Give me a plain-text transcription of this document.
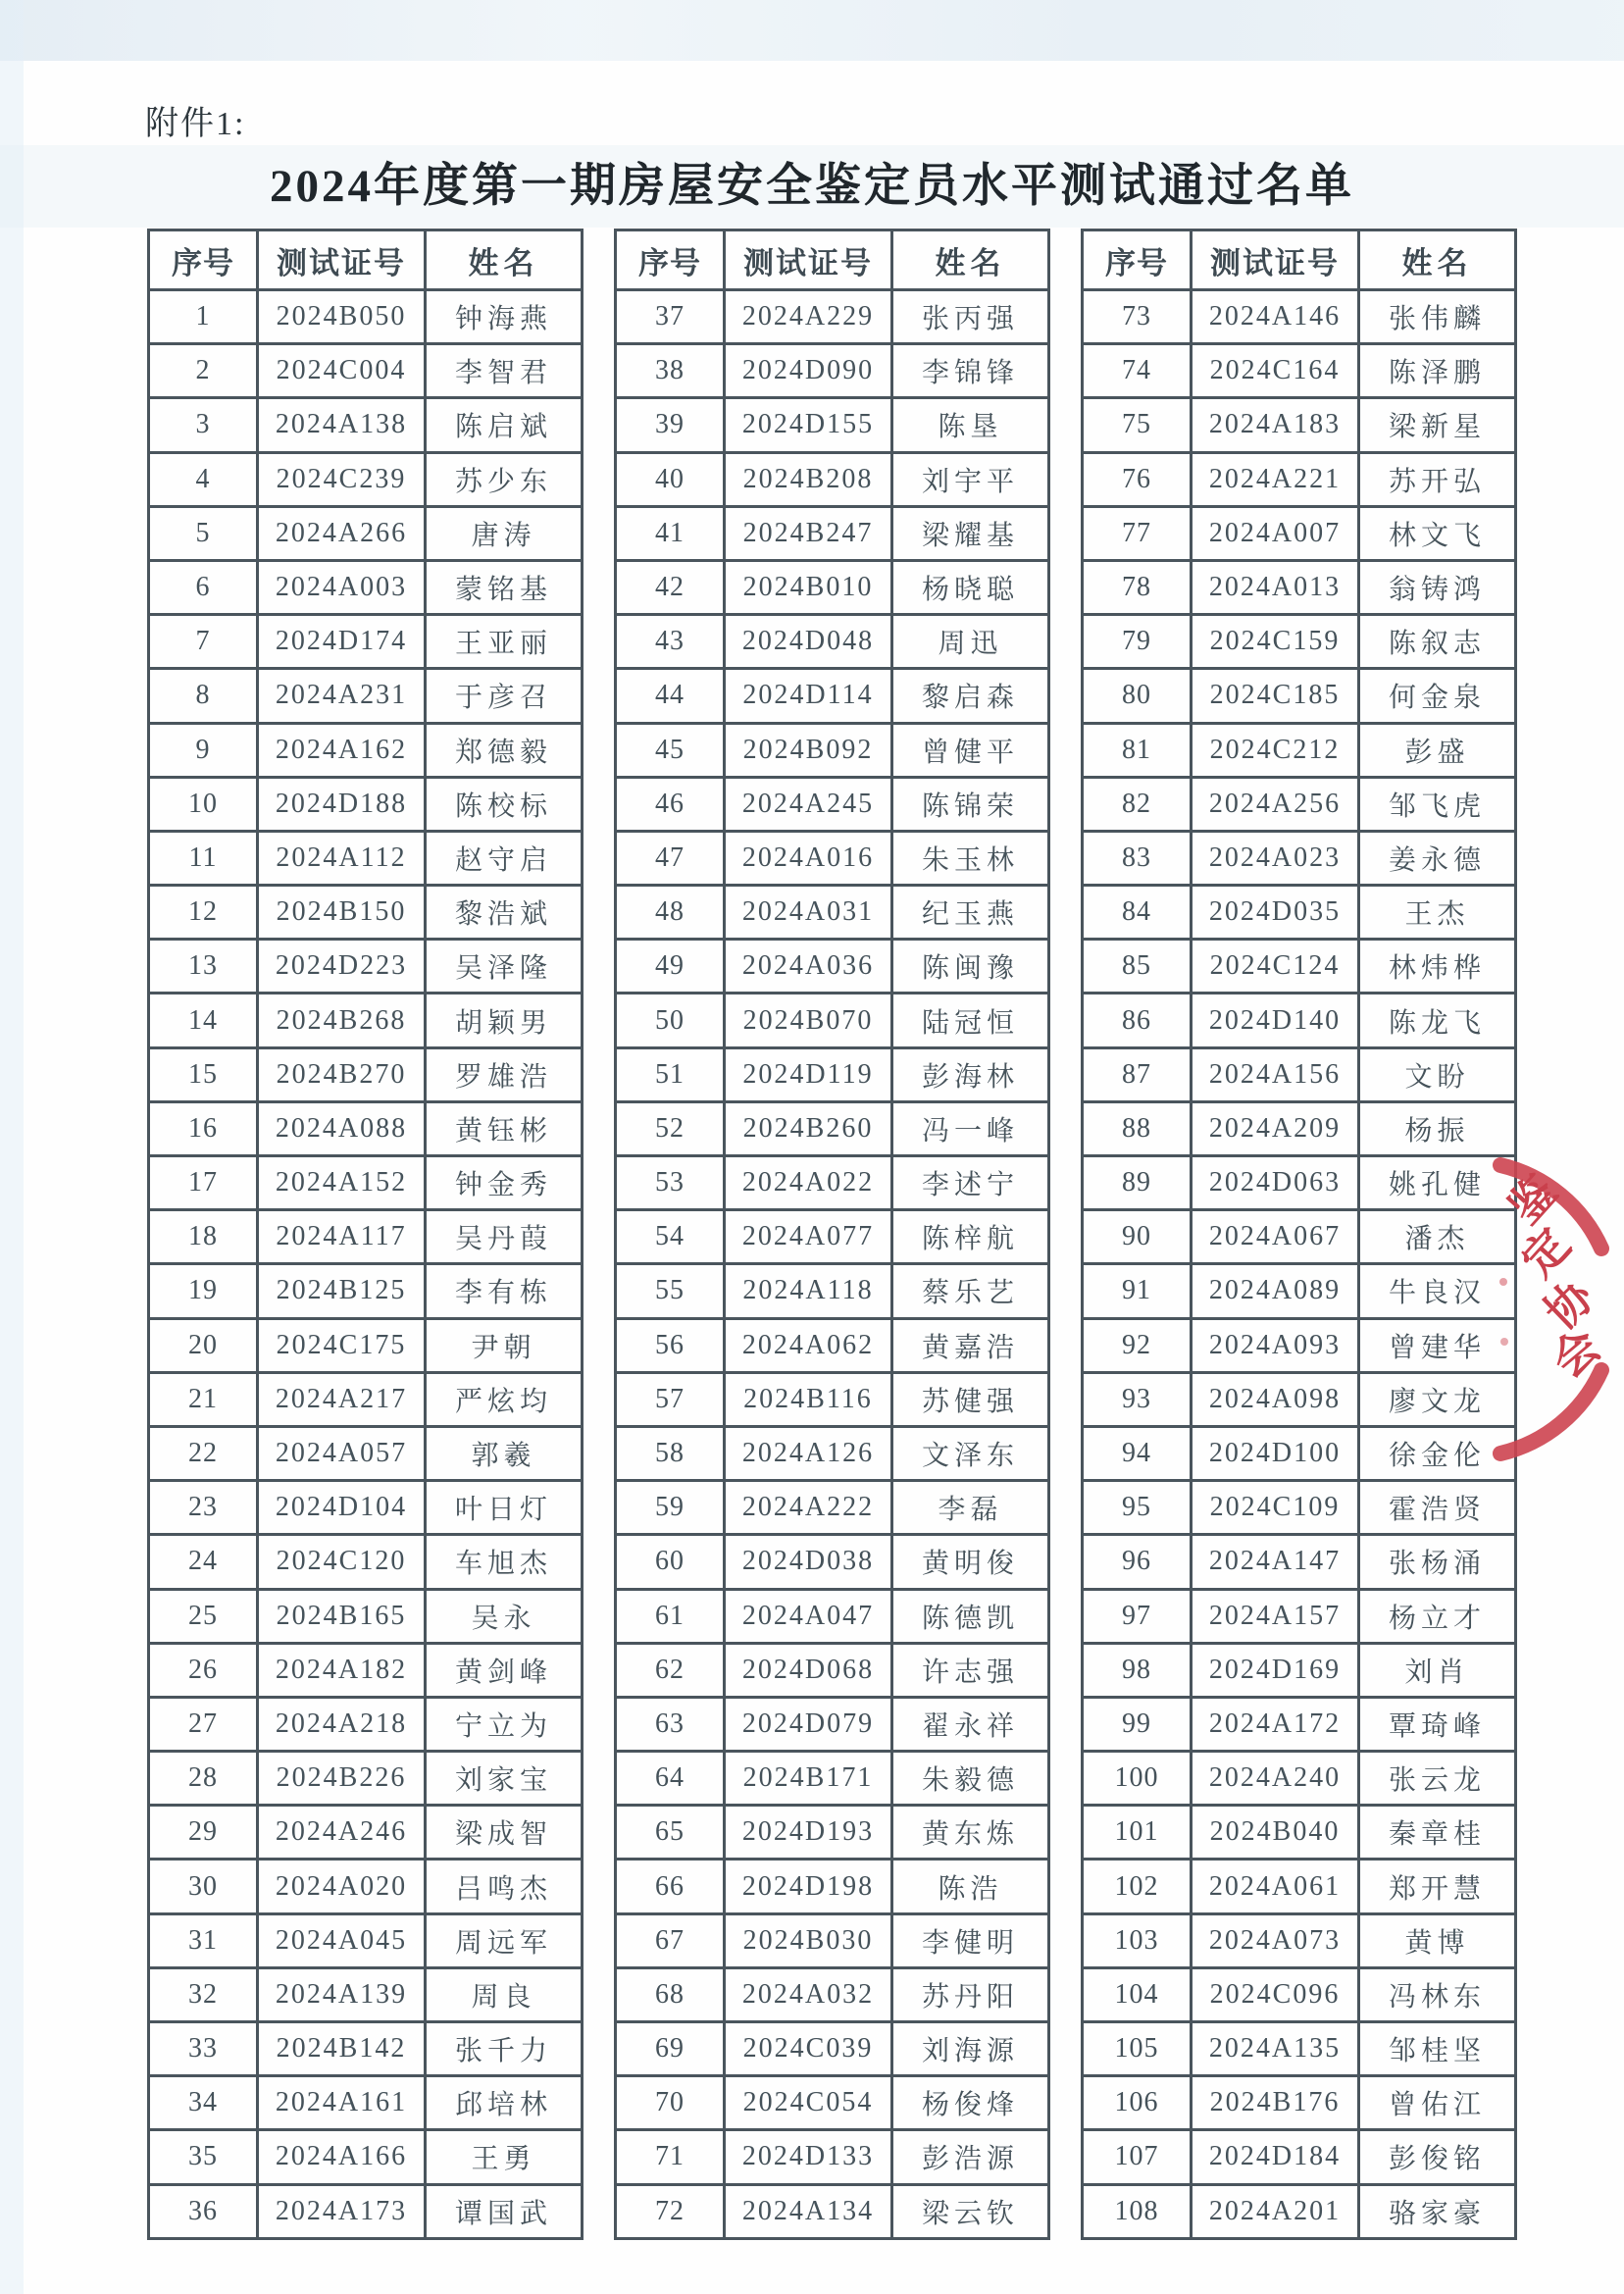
附件1:
2024年度第一期房屋安全鉴定员水平测试通过名单
序号	测试证号	姓名
1	2024B050	钟海燕
2	2024C004	李智君
3	2024A138	陈启斌
4	2024C239	苏少东
5	2024A266	唐涛
6	2024A003	蒙铭基
7	2024D174	王亚丽
8	2024A231	于彦召
9	2024A162	郑德毅
10	2024D188	陈校标
11	2024A112	赵守启
12	2024B150	黎浩斌
13	2024D223	吴泽隆
14	2024B268	胡颖男
15	2024B270	罗雄浩
16	2024A088	黄钰彬
17	2024A152	钟金秀
18	2024A117	吴丹葭
19	2024B125	李有栋
20	2024C175	尹朝
21	2024A217	严炫均
22	2024A057	郭羲
23	2024D104	叶日灯
24	2024C120	车旭杰
25	2024B165	吴永
26	2024A182	黄剑峰
27	2024A218	宁立为
28	2024B226	刘家宝
29	2024A246	梁成智
30	2024A020	吕鸣杰
31	2024A045	周远军
32	2024A139	周良
33	2024B142	张千力
34	2024A161	邱培林
35	2024A166	王勇
36	2024A173	谭国武
序号	测试证号	姓名
37	2024A229	张丙强
38	2024D090	李锦锋
39	2024D155	陈垦
40	2024B208	刘宇平
41	2024B247	梁耀基
42	2024B010	杨晓聪
43	2024D048	周迅
44	2024D114	黎启森
45	2024B092	曾健平
46	2024A245	陈锦荣
47	2024A016	朱玉林
48	2024A031	纪玉燕
49	2024A036	陈闽豫
50	2024B070	陆冠恒
51	2024D119	彭海林
52	2024B260	冯一峰
53	2024A022	李述宁
54	2024A077	陈梓航
55	2024A118	蔡乐艺
56	2024A062	黄嘉浩
57	2024B116	苏健强
58	2024A126	文泽东
59	2024A222	李磊
60	2024D038	黄明俊
61	2024A047	陈德凯
62	2024D068	许志强
63	2024D079	翟永祥
64	2024B171	朱毅德
65	2024D193	黄东炼
66	2024D198	陈浩
67	2024B030	李健明
68	2024A032	苏丹阳
69	2024C039	刘海源
70	2024C054	杨俊烽
71	2024D133	彭浩源
72	2024A134	梁云钦
序号	测试证号	姓名
73	2024A146	张伟麟
74	2024C164	陈泽鹏
75	2024A183	梁新星
76	2024A221	苏开弘
77	2024A007	林文飞
78	2024A013	翁铸鸿
79	2024C159	陈叙志
80	2024C185	何金泉
81	2024C212	彭盛
82	2024A256	邹飞虎
83	2024A023	姜永德
84	2024D035	王杰
85	2024C124	林炜桦
86	2024D140	陈龙飞
87	2024A156	文盼
88	2024A209	杨振
89	2024D063	姚孔健
90	2024A067	潘杰
91	2024A089	牛良汉
92	2024A093	曾建华
93	2024A098	廖文龙
94	2024D100	徐金伦
95	2024C109	霍浩贤
96	2024A147	张杨涌
97	2024A157	杨立才
98	2024D169	刘肖
99	2024A172	覃琦峰
100	2024A240	张云龙
101	2024B040	秦章桂
102	2024A061	郑开慧
103	2024A073	黄博
104	2024C096	冯林东
105	2024A135	邹桂坚
106	2024B176	曾佑江
107	2024D184	彭俊铭
108	2024A201	骆家豪
鉴
定
协
会
